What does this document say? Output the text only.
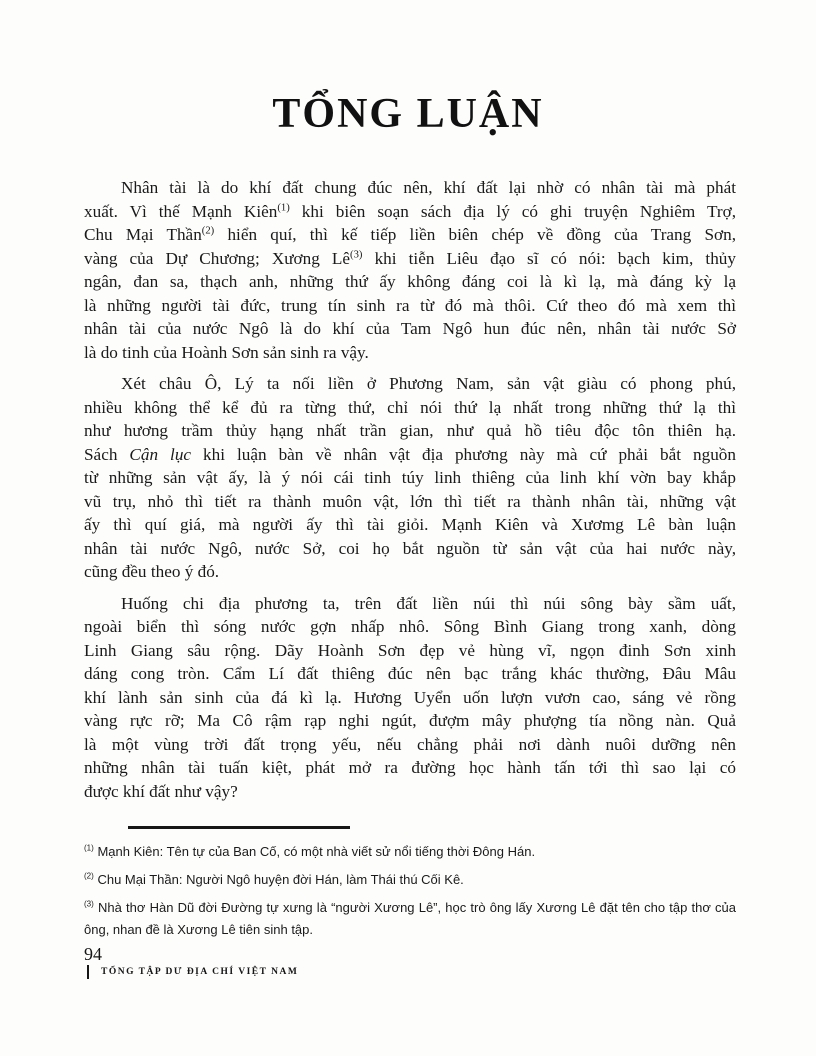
TỔNG LUẬN
Nhân tài là do khí đất chung đúc nên, khí đất lại nhờ có nhân tài mà phát
xuất. Vì thế Mạnh Kiên$^{(1)}$ khi biên soạn sách địa lý có ghi truyện Nghiêm Trợ,
Chu Mại Thần$^{(2)}$ hiển quí, thì kế tiếp liền biên chép về đồng của Trang Sơn,
vàng của Dự Chương; Xương $Lê^{(3)}$ khi tiễn Liêu đạo sĩ có nói: bạch kim, thủy
ngân, đan sa, thạch anh, những thứ ấy không đáng coi là kì lạ, mà đáng kỳ lạ
là những người tài đức, trung tín sinh ra từ đó mà thôi. Cứ theo đó mà xem thì
nhân tài của nước Ngô là do khí của Tam Ngô hun đúc nên, nhân tài nước Sở
là do tinh của Hoành Sơn sản sinh ra vậy.
Xét châu Ô, Lý ta nối liền ở Phương Nam, sản vật giàu có phong phú,
nhiều không thể kể đủ ra từng thứ, chỉ nói thứ lạ nhất trong những thứ lạ thì
như hương trầm thủy hạng nhất trần gian, như quả hồ tiêu độc tôn thiên hạ.
Sách Cận lục khi luận bàn về nhân vật địa phương này mà cứ phải bắt nguồn
từ những sản vật ấy, là ý nói cái tinh túy linh thiêng của linh khí vờn bay khắp
vũ trụ, nhỏ thì tiết ra thành muôn vật, lớn thì tiết ra thành nhân tài, những vật
ấy thì quí giá, mà người ấy thì tài giỏi. Mạnh Kiên và Xươmg Lê bàn luận
nhân tài nước Ngô, nước Sở, coi họ bắt nguồn từ sản vật của hai nước này,
cũng đều theo ý đó.
Huống chi địa phương ta, trên đất liền núi thì núi sông bày sầm uất,
ngoài biển thì sóng nước gợn nhấp nhô. Sông Bình Giang trong xanh, dòng
Linh Giang sâu rộng. Dãy Hoành Sơn đẹp vẻ hùng vĩ, ngọn đinh Sơn xinh
dáng cong tròn. Cẩm Lí đất thiêng đúc nên bạc trắng khác thường, Đâu Mâu
khí lành sản sinh của đá kì lạ. Hương Uyển uốn lượn vươn cao, sáng vẻ rồng
vàng rực rỡ; Ma Cô rậm rạp nghi ngút, đượm mây phượng tía nồng nàn. Quả
là một vùng trời đất trọng yếu, nếu chẳng phải nơi dành nuôi dưỡng nên
những nhân tài tuấn kiệt, phát mở ra đường học hành tấn tới thì sao lại có
được khí đất như vậy?
$^{(1)}$ Mạnh Kiên: Tên tự của Ban Cố, có một nhà viết sử nổi tiếng thời Đông Hán.
$^{(2)}$ Chu Mại Thần: Người Ngô huyện đời Hán, làm Thái thú Cối Kê.
$^{(3)}$ Nhà thơ Hàn Dũ đời Đường tự xưng là “người Xương Lê”, học trò ông lấy Xương Lê đặt tên cho tập thơ của
ông, nhan đề là Xương Lê tiên sinh tập.
94
TỔNG TẬP DƯ ĐỊA CHÍ VIỆT NAM
